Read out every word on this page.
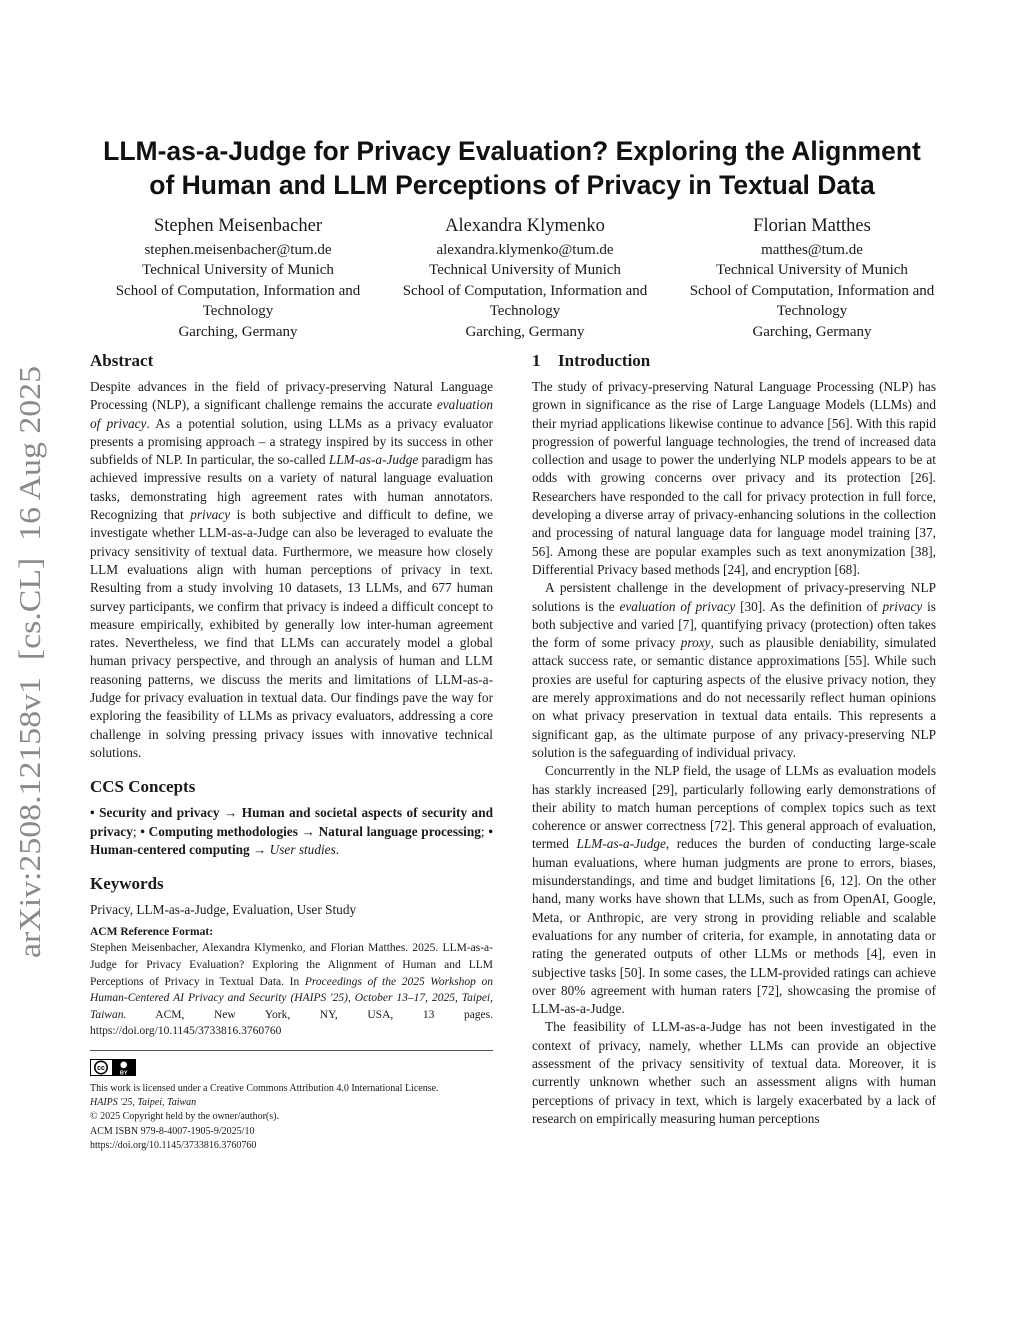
arXiv:2508.12158v1  [cs.CL]  16 Aug 2025
LLM-as-a-Judge for Privacy Evaluation? Exploring the Alignment
of Human and LLM Perceptions of Privacy in Textual Data
Stephen Meisenbacher
stephen.meisenbacher@tum.de
Technical University of Munich
School of Computation, Information and Technology
Garching, Germany
Alexandra Klymenko
alexandra.klymenko@tum.de
Technical University of Munich
School of Computation, Information and Technology
Garching, Germany
Florian Matthes
matthes@tum.de
Technical University of Munich
School of Computation, Information and Technology
Garching, Germany
Abstract

Despite advances in the field of privacy-preserving Natural Language Processing (NLP), a significant challenge remains the accurate evaluation of privacy. As a potential solution, using LLMs as a privacy evaluator presents a promising approach – a strategy inspired by its success in other subfields of NLP. In particular, the so-called LLM-as-a-Judge paradigm has achieved impressive results on a variety of natural language evaluation tasks, demonstrating high agreement rates with human annotators. Recognizing that privacy is both subjective and difficult to define, we investigate whether LLM-as-a-Judge can also be leveraged to evaluate the privacy sensitivity of textual data. Furthermore, we measure how closely LLM evaluations align with human perceptions of privacy in text. Resulting from a study involving 10 datasets, 13 LLMs, and 677 human survey participants, we confirm that privacy is indeed a difficult concept to measure empirically, exhibited by generally low inter-human agreement rates. Nevertheless, we find that LLMs can accurately model a global human privacy perspective, and through an analysis of human and LLM reasoning patterns, we discuss the merits and limitations of LLM-as-a-Judge for privacy evaluation in textual data. Our findings pave the way for exploring the feasibility of LLMs as privacy evaluators, addressing a core challenge in solving pressing privacy issues with innovative technical solutions.

CCS Concepts

• Security and privacy → Human and societal aspects of security and privacy; • Computing methodologies → Natural language processing; • Human-centered computing → User studies.

Keywords

Privacy, LLM-as-a-Judge, Evaluation, User Study

ACM Reference Format:

Stephen Meisenbacher, Alexandra Klymenko, and Florian Matthes. 2025. LLM-as-a-Judge for Privacy Evaluation? Exploring the Alignment of Human and LLM Perceptions of Privacy in Textual Data. In Proceedings of the 2025 Workshop on Human-Centered AI Privacy and Security (HAIPS '25), October 13–17, 2025, Taipei, Taiwan. ACM, New York, NY, USA, 13 pages. https://doi.org/10.1145/3733816.3760760

cc
BY
This work is licensed under a Creative Commons Attribution 4.0 International License.
HAIPS '25, Taipei, Taiwan
© 2025 Copyright held by the owner/author(s).
ACM ISBN 979-8-4007-1905-9/2025/10
https://doi.org/10.1145/3733816.3760760
1 Introduction

The study of privacy-preserving Natural Language Processing (NLP) has grown in significance as the rise of Large Language Models (LLMs) and their myriad applications likewise continue to advance [56]. With this rapid progression of powerful language technologies, the trend of increased data collection and usage to power the underlying NLP models appears to be at odds with growing concerns over privacy and its protection [26]. Researchers have responded to the call for privacy protection in full force, developing a diverse array of privacy-enhancing solutions in the collection and processing of natural language data for language model training [37, 56]. Among these are popular examples such as text anonymization [38], Differential Privacy based methods [24], and encryption [68].

A persistent challenge in the development of privacy-preserving NLP solutions is the evaluation of privacy [30]. As the definition of privacy is both subjective and varied [7], quantifying privacy (protection) often takes the form of some privacy proxy, such as plausible deniability, simulated attack success rate, or semantic distance approximations [55]. While such proxies are useful for capturing aspects of the elusive privacy notion, they are merely approximations and do not necessarily reflect human opinions on what privacy preservation in textual data entails. This represents a significant gap, as the ultimate purpose of any privacy-preserving NLP solution is the safeguarding of individual privacy.

Concurrently in the NLP field, the usage of LLMs as evaluation models has starkly increased [29], particularly following early demonstrations of their ability to match human perceptions of complex topics such as text coherence or answer correctness [72]. This general approach of evaluation, termed LLM-as-a-Judge, reduces the burden of conducting large-scale human evaluations, where human judgments are prone to errors, biases, misunderstandings, and time and budget limitations [6, 12]. On the other hand, many works have shown that LLMs, such as from OpenAI, Google, Meta, or Anthropic, are very strong in providing reliable and scalable evaluations for any number of criteria, for example, in annotating data or rating the generated outputs of other LLMs or methods [4], even in subjective tasks [50]. In some cases, the LLM-provided ratings can achieve over 80% agreement with human raters [72], showcasing the promise of LLM-as-a-Judge.

The feasibility of LLM-as-a-Judge has not been investigated in the context of privacy, namely, whether LLMs can provide an objective assessment of the privacy sensitivity of textual data. Moreover, it is currently unknown whether such an assessment aligns with human perceptions of privacy in text, which is largely exacerbated by a lack of research on empirically measuring human perceptions
